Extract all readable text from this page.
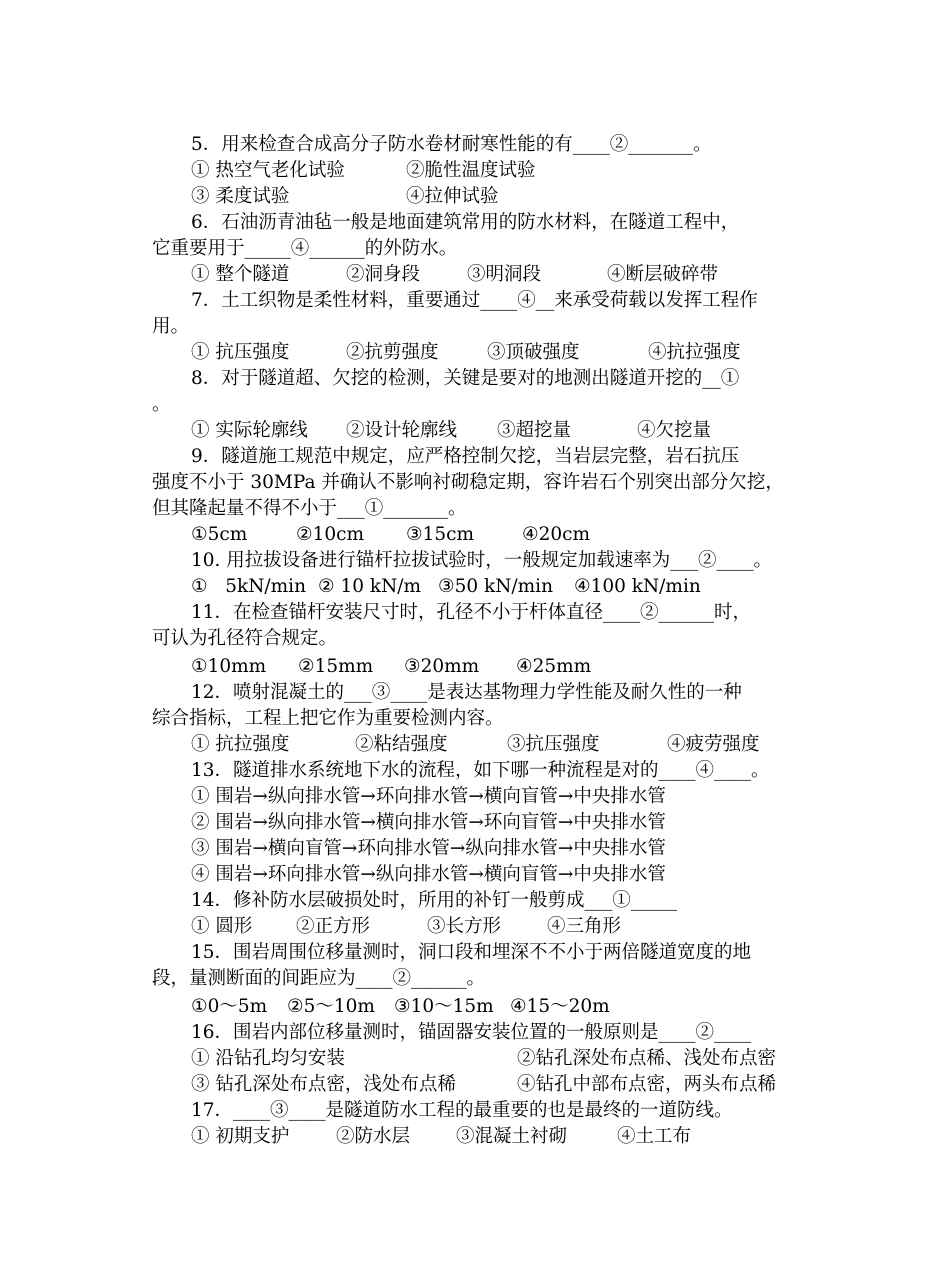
5．用来检查合成高分子防水卷材耐寒性能的有____②_______。
① 热空气老化试验	②脆性温度试验
③ 柔度试验	④拉伸试验
6．石油沥青油毡一般是地面建筑常用的防水材料，在隧道工程中，
它重要用于_____④______的外防水。
① 整个隧道	②洞身段	③明洞段	④断层破碎带
7．土工织物是柔性材料，重要通过____④__来承受荷载以发挥工程作
用。
① 抗压强度	②抗剪强度	③顶破强度	④抗拉强度
8．对于隧道超、欠挖的检测，关键是要对的地测出隧道开挖的__①
。
① 实际轮廓线 ②设计轮廓线 ③超挖量	④欠挖量
9．隧道施工规范中规定，应严格控制欠挖，当岩层完整，岩石抗压
强度不小于 30MPa 并确认不影响衬砌稳定期，容许岩石个别突出部分欠挖，
但其隆起量不得不小于___①_______。
①5cm	②10cm ③15cm	④20cm
10. 用拉拔设备进行锚杆拉拔试验时，一般规定加载速率为___②____。
①   5kN/min ② 10 kN/m ③50 kN/min ④100 kN/min
11．在检查锚杆安装尺寸时，孔径不小于杆体直径____②______时，
可认为孔径符合规定。
①10mm ②15mm ③20mm ④25mm
12．喷射混凝土的___③____是表达基物理力学性能及耐久性的一种
综合指标，工程上把它作为重要检测内容。
① 抗拉强度	②粘结强度	③抗压强度	④疲劳强度
13．隧道排水系统地下水的流程，如下哪一种流程是对的____④____。
① 围岩→纵向排水管→环向排水管→横向盲管→中央排水管
② 围岩→纵向排水管→横向排水管→环向盲管→中央排水管
③ 围岩→横向盲管→环向排水管→纵向排水管→中央排水管
④ 围岩→环向排水管→纵向排水管→横向盲管→中央排水管
14．修补防水层破损处时，所用的补钉一般剪成___①_____
① 圆形 ②正方形	③长方形 ④三角形
15．围岩周围位移量测时，洞口段和埋深不不小于两倍隧道宽度的地
段，量测断面的间距应为____②______。
①0～5m ②5～10m ③10～15m ④15～20m
16．围岩内部位移量测时，锚固器安装位置的一般原则是____②____
① 沿钻孔均匀安装	②钻孔深处布点稀、浅处布点密
③ 钻孔深处布点密，浅处布点稀	④钻孔中部布点密，两头布点稀
17．____③____是隧道防水工程的最重要的也是最终的一道防线。
① 初期支护	②防水层 ③混凝土衬砌	④土工布
